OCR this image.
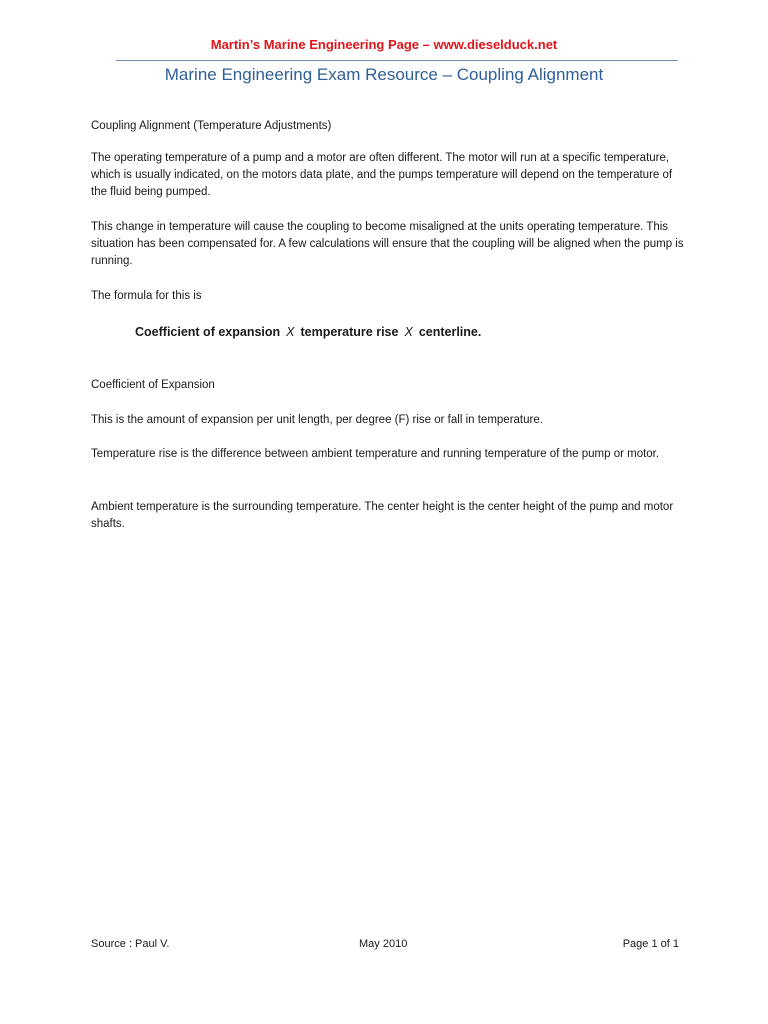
Martin’s Marine Engineering Page – www.dieselduck.net
Marine Engineering Exam Resource – Coupling Alignment

Coupling Alignment (Temperature Adjustments)

The operating temperature of a pump and a motor are often different. The motor will run at a specific temperature, which is usually indicated, on the motors data plate, and the pumps temperature will depend on the temperature of the fluid being pumped.

This change in temperature will cause the coupling to become misaligned at the units operating temperature. This situation has been compensated for. A few calculations will ensure that the coupling will be aligned when the pump is running.

The formula for this is

Coefficient of expansion X temperature rise X centerline.

Coefficient of Expansion

This is the amount of expansion per unit length, per degree (F) rise or fall in temperature.

Temperature rise is the difference between ambient temperature and running temperature of the pump or motor.

Ambient temperature is the surrounding temperature. The center height is the center height of the pump and motor shafts.

Source : Paul V.	May 2010	Page 1 of 1
